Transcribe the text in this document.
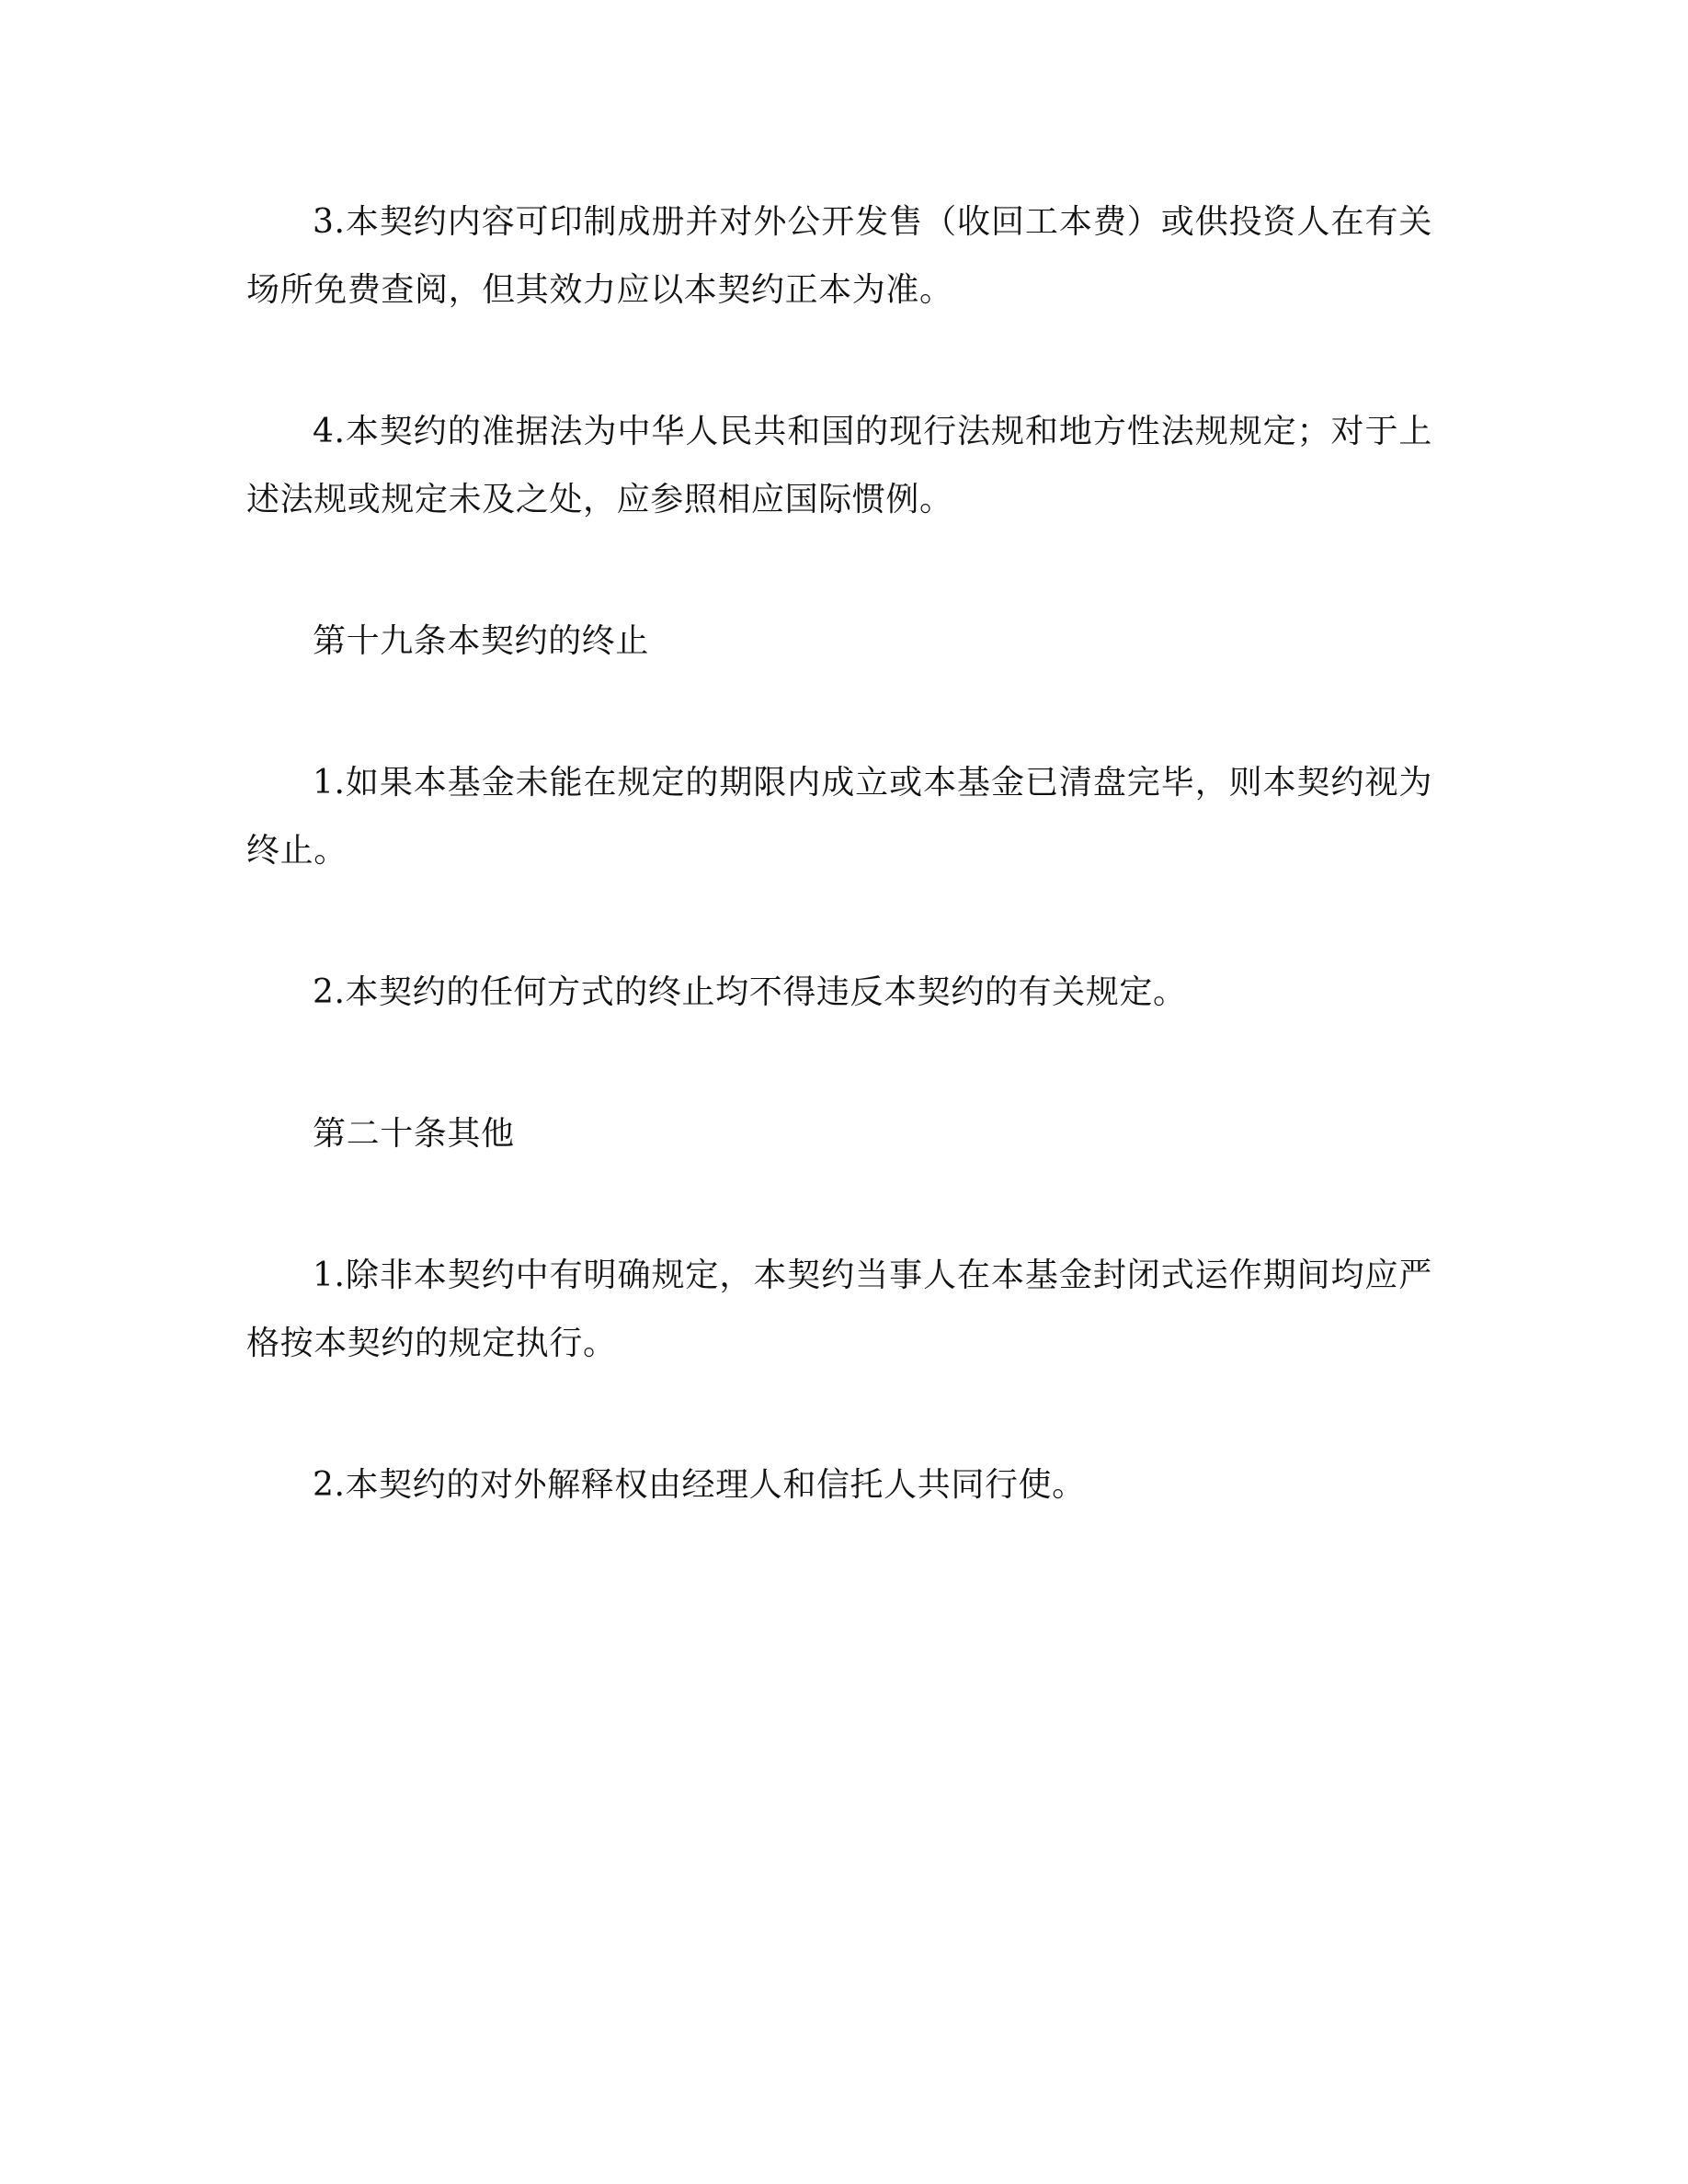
3.本契约内容可印制成册并对外公开发售（收回工本费）或供投资人在有关场所免费查阅，但其效力应以本契约正本为准。

4.本契约的准据法为中华人民共和国的现行法规和地方性法规规定；对于上述法规或规定未及之处，应参照相应国际惯例。

第十九条本契约的终止

1.如果本基金未能在规定的期限内成立或本基金已清盘完毕，则本契约视为终止。

2.本契约的任何方式的终止均不得违反本契约的有关规定。

第二十条其他

1.除非本契约中有明确规定，本契约当事人在本基金封闭式运作期间均应严格按本契约的规定执行。

2.本契约的对外解释权由经理人和信托人共同行使。
